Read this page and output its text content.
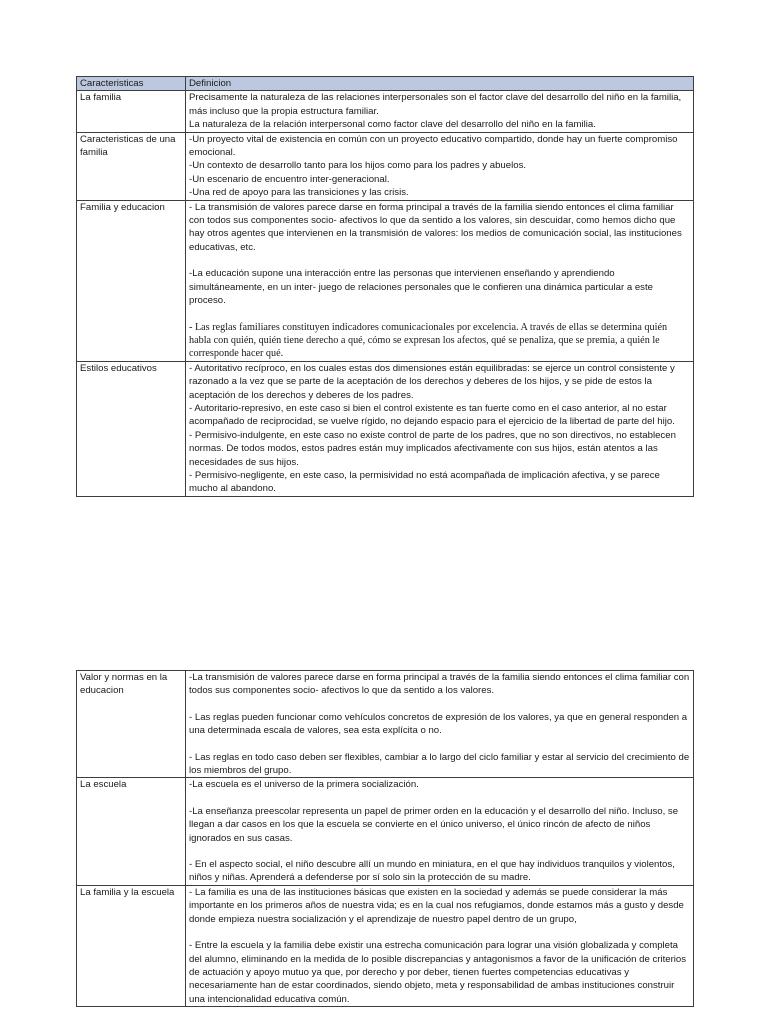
Caracteristicas	Definicion
La familia	Precisamente la naturaleza de las relaciones interpersonales son el factor clave del desarrollo del niño en la familia, más incluso que la propia estructura familiar.
La naturaleza de la relación interpersonal como factor clave del desarrollo del niño en la familia.

Caracteristicas de una familia	-Un proyecto vital de existencia en común con un proyecto educativo compartido, donde hay un fuerte compromiso emocional.
-Un contexto de desarrollo tanto para los hijos como para los padres y abuelos.
-Un escenario de encuentro inter-generacional.
-Una red de apoyo para las transiciones y las crisis.

Familia y educacion	- La transmisión de valores parece darse en forma principal a través de la familia siendo entonces el clima familiar con todos sus componentes socio- afectivos lo que da sentido a los valores, sin descuidar, como hemos dicho que hay otros agentes que intervienen en la transmisión de valores: los medios de comunicación social, las instituciones educativas, etc.
-La educación supone una interacción entre las personas que intervienen enseñando y aprendiendo simultáneamente, en un inter- juego de relaciones personales que le confieren una dinámica particular a este proceso.
- Las reglas familiares constituyen indicadores comunicacionales por excelencia. A través de ellas se determina quién habla con quién, quién tiene derecho a qué, cómo se expresan los afectos, qué se penaliza, que se premia, a quién le corresponde hacer qué.

Estilos educativos	- Autoritativo recíproco, en los cuales estas dos dimensiones están equilibradas: se ejerce un control consistente y razonado a la vez que se parte de la aceptación de los derechos y deberes de los hijos, y se pide de estos la aceptación de los derechos y deberes de los padres.
- Autoritario-represivo, en este caso si bien el control existente es tan fuerte como en el caso anterior, al no estar acompañado de reciprocidad, se vuelve rígido, no dejando espacio para el ejercicio de la libertad de parte del hijo.
- Permisivo-indulgente, en este caso no existe control de parte de los padres, que no son directivos, no establecen normas. De todos modos, estos padres están muy implicados afectivamente con sus hijos, están atentos a las necesidades de sus hijos.
- Permisivo-negligente, en este caso, la permisividad no está acompañada de implicación afectiva, y se parece mucho al abandono.
Valor y normas en la educacion	-La transmisión de valores parece darse en forma principal a través de la familia siendo entonces el clima familiar con todos sus componentes socio- afectivos lo que da sentido a los valores.
- Las reglas pueden funcionar como vehículos concretos de expresión de los valores, ya que en general responden a una determinada escala de valores, sea esta explícita o no.
- Las reglas en todo caso deben ser flexibles, cambiar a lo largo del ciclo familiar y estar al servicio del crecimiento de los miembros del grupo.

La escuela	-La escuela es el universo de la primera socialización.
-La enseñanza preescolar representa un papel de primer orden en la educación y el desarrollo del niño. Incluso, se llegan a dar casos en los que la escuela se convierte en el único universo, el único rincón de afecto de niños ignorados en sus casas.
- En el aspecto social, el niño descubre allí un mundo en miniatura, en el que hay individuos tranquilos y violentos, niños y niñas. Aprenderá a defenderse por sí solo sin la protección de su madre.

La familia y la escuela	- La familia es una de las instituciones básicas que existen en la sociedad y además se puede considerar la más importante en los primeros años de nuestra vida; es en la cual nos refugiamos, donde estamos más a gusto y desde donde empieza nuestra socialización y el aprendizaje de nuestro papel dentro de un grupo,
- Entre la escuela y la familia debe existir una estrecha comunicación para lograr una visión globalizada y completa del alumno, eliminando en la medida de lo posible discrepancias y antagonismos a favor de la unificación de criterios de actuación y apoyo mutuo ya que, por derecho y por deber, tienen fuertes competencias educativas y necesariamente han de estar coordinados, siendo objeto, meta y responsabilidad de ambas instituciones construir una intencionalidad educativa común.
